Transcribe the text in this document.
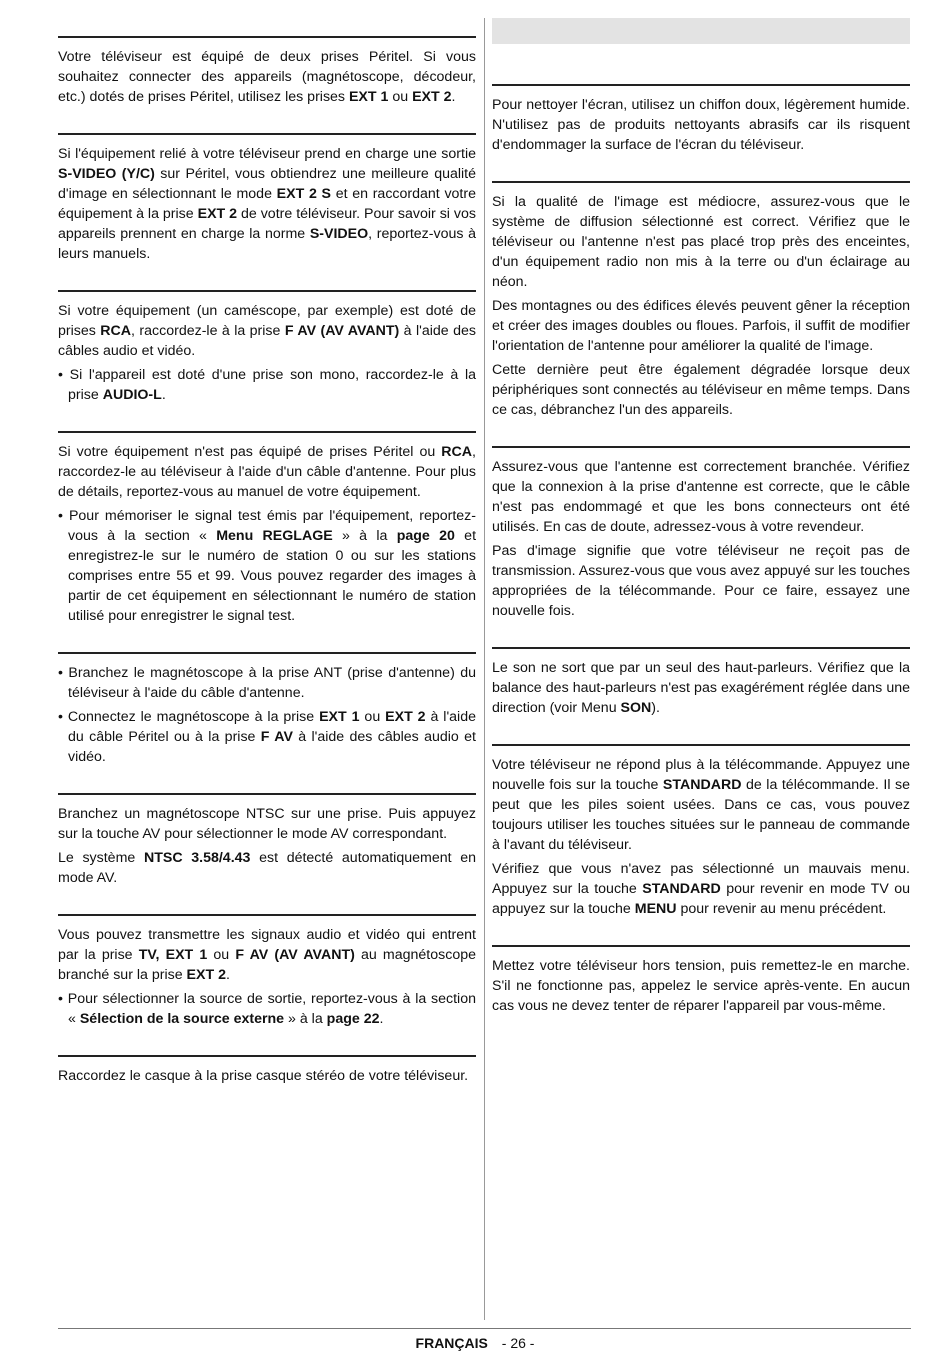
Votre téléviseur est équipé de deux prises Péritel. Si vous souhaitez connecter des appareils (magnétoscope, décodeur, etc.) dotés de prises Péritel, utilisez les prises EXT 1 ou EXT 2.

Si l'équipement relié à votre téléviseur prend en charge une sortie S-VIDEO (Y/C) sur Péritel, vous obtiendrez une meilleure qualité d'image en sélectionnant le mode EXT 2 S et en raccordant votre équipement à la prise EXT 2 de votre téléviseur. Pour savoir si vos appareils prennent en charge la norme S-VIDEO, reportez-vous à leurs manuels.

Si votre équipement (un caméscope, par exemple) est doté de prises RCA, raccordez-le à la prise F AV (AV AVANT) à l'aide des câbles audio et vidéo.

• Si l'appareil est doté d'une prise son mono, raccordez-le à la prise AUDIO-L.

Si votre équipement n'est pas équipé de prises Péritel ou RCA, raccordez-le au téléviseur à l'aide d'un câble d'antenne. Pour plus de détails, reportez-vous au manuel de votre équipement.

• Pour mémoriser le signal test émis par l'équipement, reportez-vous à la section « Menu REGLAGE » à la page 20 et enregistrez-le sur le numéro de station 0 ou sur les stations comprises entre 55 et 99. Vous pouvez regarder des images à partir de cet équipement en sélectionnant le numéro de station utilisé pour enregistrer le signal test.

• Branchez le magnétoscope à la prise ANT (prise d'antenne) du téléviseur à l'aide du câble d'antenne.

• Connectez le magnétoscope à la prise EXT 1 ou EXT 2 à l'aide du câble Péritel ou à la prise F AV à l'aide des câbles audio et vidéo.

Branchez un magnétoscope NTSC sur une prise. Puis appuyez sur la touche AV pour sélectionner le mode AV correspondant.

Le système NTSC 3.58/4.43 est détecté automatiquement en mode AV.

Vous pouvez transmettre les signaux audio et vidéo qui entrent par la prise TV, EXT 1 ou F AV (AV AVANT) au magnétoscope branché sur la prise EXT 2.

• Pour sélectionner la source de sortie, reportez-vous à la section « Sélection de la source externe » à la page 22.

Raccordez le casque à la prise casque stéréo de votre téléviseur.

Pour nettoyer l'écran, utilisez un chiffon doux, légèrement humide. N'utilisez pas de produits nettoyants abrasifs car ils risquent d'endommager la surface de l'écran du téléviseur.

Si la qualité de l'image est médiocre, assurez-vous que le système de diffusion sélectionné est correct. Vérifiez que le téléviseur ou l'antenne n'est pas placé trop près des enceintes, d'un équipement radio non mis à la terre ou d'un éclairage au néon.

Des montagnes ou des édifices élevés peuvent gêner la réception et créer des images doubles ou floues. Parfois, il suffit de modifier l'orientation de l'antenne pour améliorer la qualité de l'image.

Cette dernière peut être également dégradée lorsque deux périphériques sont connectés au téléviseur en même temps. Dans ce cas, débranchez l'un des appareils.

Assurez-vous que l'antenne est correctement branchée. Vérifiez que la connexion à la prise d'antenne est correcte, que le câble n'est pas endommagé et que les bons connecteurs ont été utilisés. En cas de doute, adressez-vous à votre revendeur.

Pas d'image signifie que votre téléviseur ne reçoit pas de transmission. Assurez-vous que vous avez appuyé sur les touches appropriées de la télécommande. Pour ce faire, essayez une nouvelle fois.

Le son ne sort que par un seul des haut-parleurs. Vérifiez que la balance des haut-parleurs n'est pas exagérément réglée dans une direction (voir Menu SON).

Votre téléviseur ne répond plus à la télécommande. Appuyez une nouvelle fois sur la touche STANDARD de la télécommande. Il se peut que les piles soient usées. Dans ce cas, vous pouvez toujours utiliser les touches situées sur le panneau de commande à l'avant du téléviseur.

Vérifiez que vous n'avez pas sélectionné un mauvais menu. Appuyez sur la touche STANDARD pour revenir en mode TV ou appuyez sur la touche MENU pour revenir au menu précédent.

Mettez votre téléviseur hors tension, puis remettez-le en marche. S'il ne fonctionne pas, appelez le service après-vente. En aucun cas vous ne devez tenter de réparer l'appareil par vous-même.

FRANÇAIS - 26 -
